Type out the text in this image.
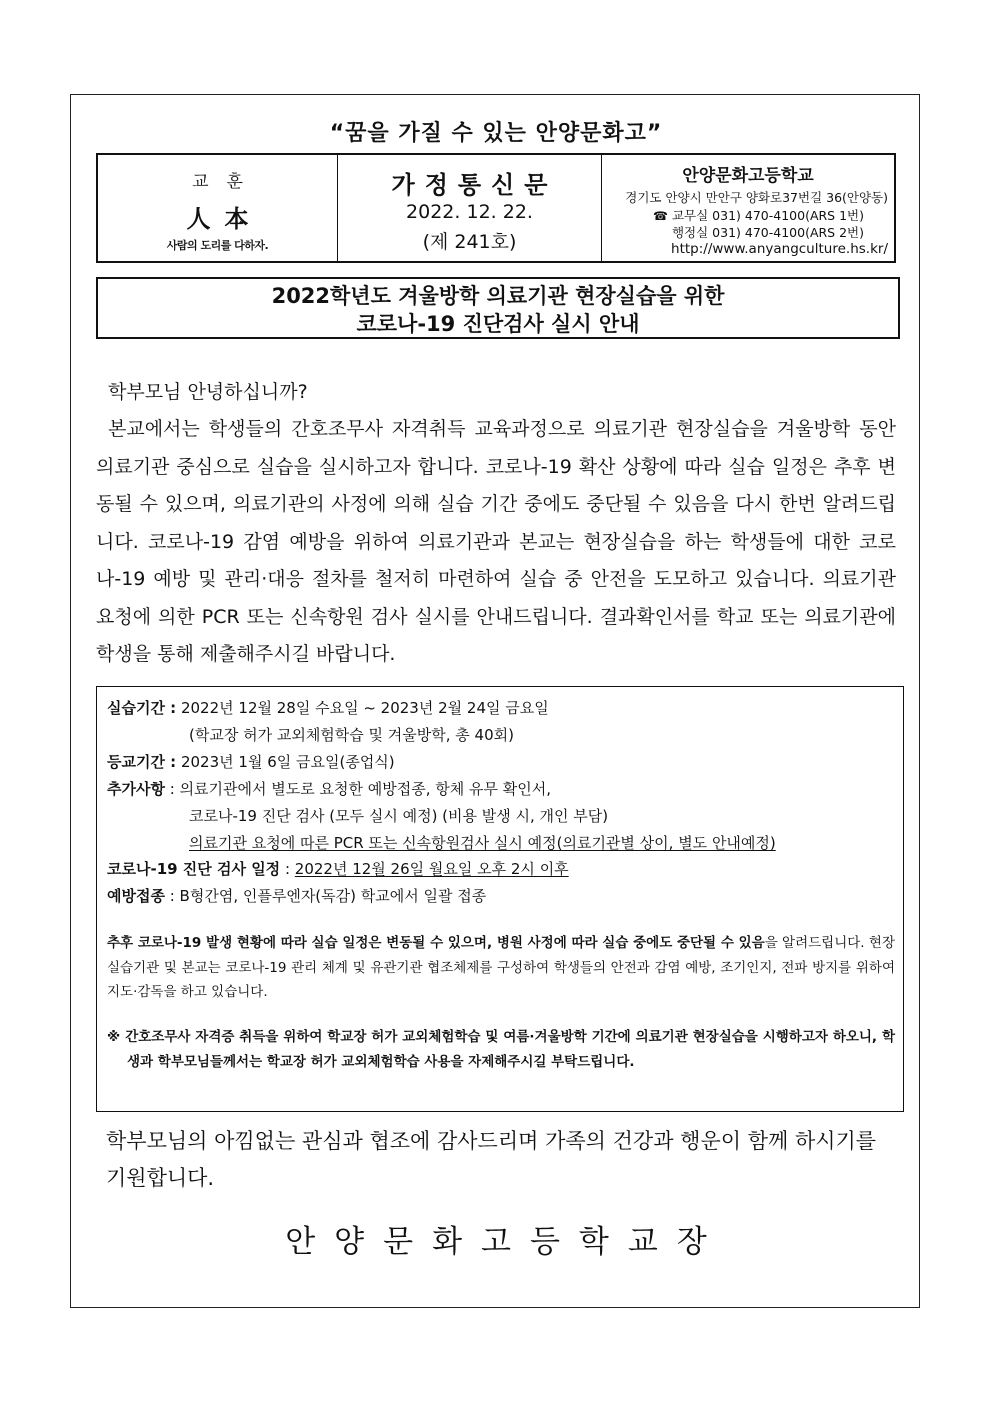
“꿈을 가질 수 있는 안양문화고”
교훈
人本
사람의 도리를 다하자.
가정통신문
2022. 12. 22.
(제 241호)
안양문화고등학교
경기도 안양시 만안구 양화로37번길 36(안양동)
☎ 교무실 031) 470-4100(ARS 1번)
행정실 031) 470-4100(ARS 2번)
http://www.anyangculture.hs.kr/
2022학년도 겨울방학 의료기관 현장실습을 위한
코로나-19 진단검사 실시 안내
학부모님 안녕하십니까?
본교에서는 학생들의 간호조무사 자격취득 교육과정으로 의료기관 현장실습을 겨울방학 동안 의료기관 중심으로 실습을 실시하고자 합니다. 코로나-19 확산 상황에 따라 실습 일정은 추후 변동될 수 있으며, 의료기관의 사정에 의해 실습 기간 중에도 중단될 수 있음을 다시 한번 알려드립니다. 코로나-19 감염 예방을 위하여 의료기관과 본교는 현장실습을 하는 학생들에 대한 코로나-19 예방 및 관리·대응 절차를 철저히 마련하여 실습 중 안전을 도모하고 있습니다. 의료기관 요청에 의한 PCR 또는 신속항원 검사 실시를 안내드립니다. 결과확인서를 학교 또는 의료기관에 학생을 통해 제출해주시길 바랍니다.
실습기간 : 2022년 12월 28일 수요일 ~ 2023년 2월 24일 금요일
(학교장 허가 교외체험학습 및 겨울방학, 총 40회)
등교기간 : 2023년 1월 6일 금요일(종업식)
추가사항 : 의료기관에서 별도로 요청한 예방접종, 항체 유무 확인서,
코로나-19 진단 검사 (모두 실시 예정) (비용 발생 시, 개인 부담)
의료기관 요청에 따른 PCR 또는 신속항원검사 실시 예정(의료기관별 상이, 별도 안내예정)
코로나-19 진단 검사 일정 : 2022년 12월 26일 월요일 오후 2시 이후
예방접종 : B형간염, 인플루엔자(독감) 학교에서 일괄 접종
추후 코로나-19 발생 현황에 따라 실습 일정은 변동될 수 있으며, 병원 사정에 따라 실습 중에도 중단될 수 있음을 알려드립니다. 현장 실습기관 및 본교는 코로나-19 관리 체계 및 유관기관 협조체제를 구성하여 학생들의 안전과 감염 예방, 조기인지, 전파 방지를 위하여 지도·감독을 하고 있습니다.
※ 간호조무사 자격증 취득을 위하여 학교장 허가 교외체험학습 및 여름·겨울방학 기간에 의료기관 현장실습을 시행하고자 하오니, 학생과 학부모님들께서는 학교장 허가 교외체험학습 사용을 자제해주시길 부탁드립니다.
학부모님의 아낌없는 관심과 협조에 감사드리며 가족의 건강과 행운이 함께 하시기를 기원합니다.
안양문화고등학교장
